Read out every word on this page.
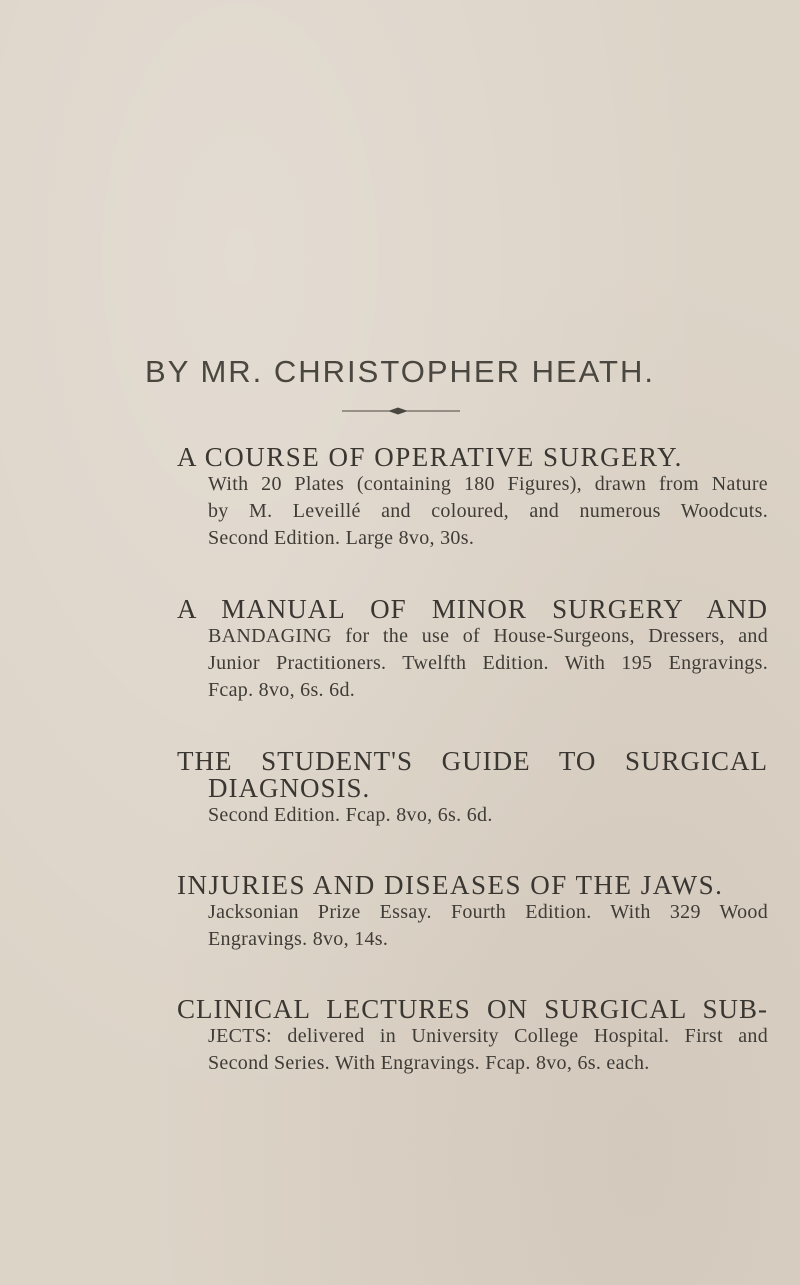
BY MR. CHRISTOPHER HEATH.
A COURSE OF OPERATIVE SURGERY.
With 20 Plates (containing 180 Figures), drawn from Nature
by M. Leveillé and coloured, and numerous Woodcuts.
Second Edition. Large 8vo, 30s.
A MANUAL OF MINOR SURGERY AND
BANDAGING for the use of House-Surgeons, Dressers, and
Junior Practitioners. Twelfth Edition. With 195 Engravings.
Fcap. 8vo, 6s. 6d.
THE STUDENT'S GUIDE TO SURGICAL
DIAGNOSIS.
Second Edition. Fcap. 8vo, 6s. 6d.
INJURIES AND DISEASES OF THE JAWS.
Jacksonian Prize Essay. Fourth Edition. With 329 Wood
Engravings. 8vo, 14s.
CLINICAL LECTURES ON SURGICAL SUB-
JECTS: delivered in University College Hospital. First and
Second Series. With Engravings. Fcap. 8vo, 6s. each.
